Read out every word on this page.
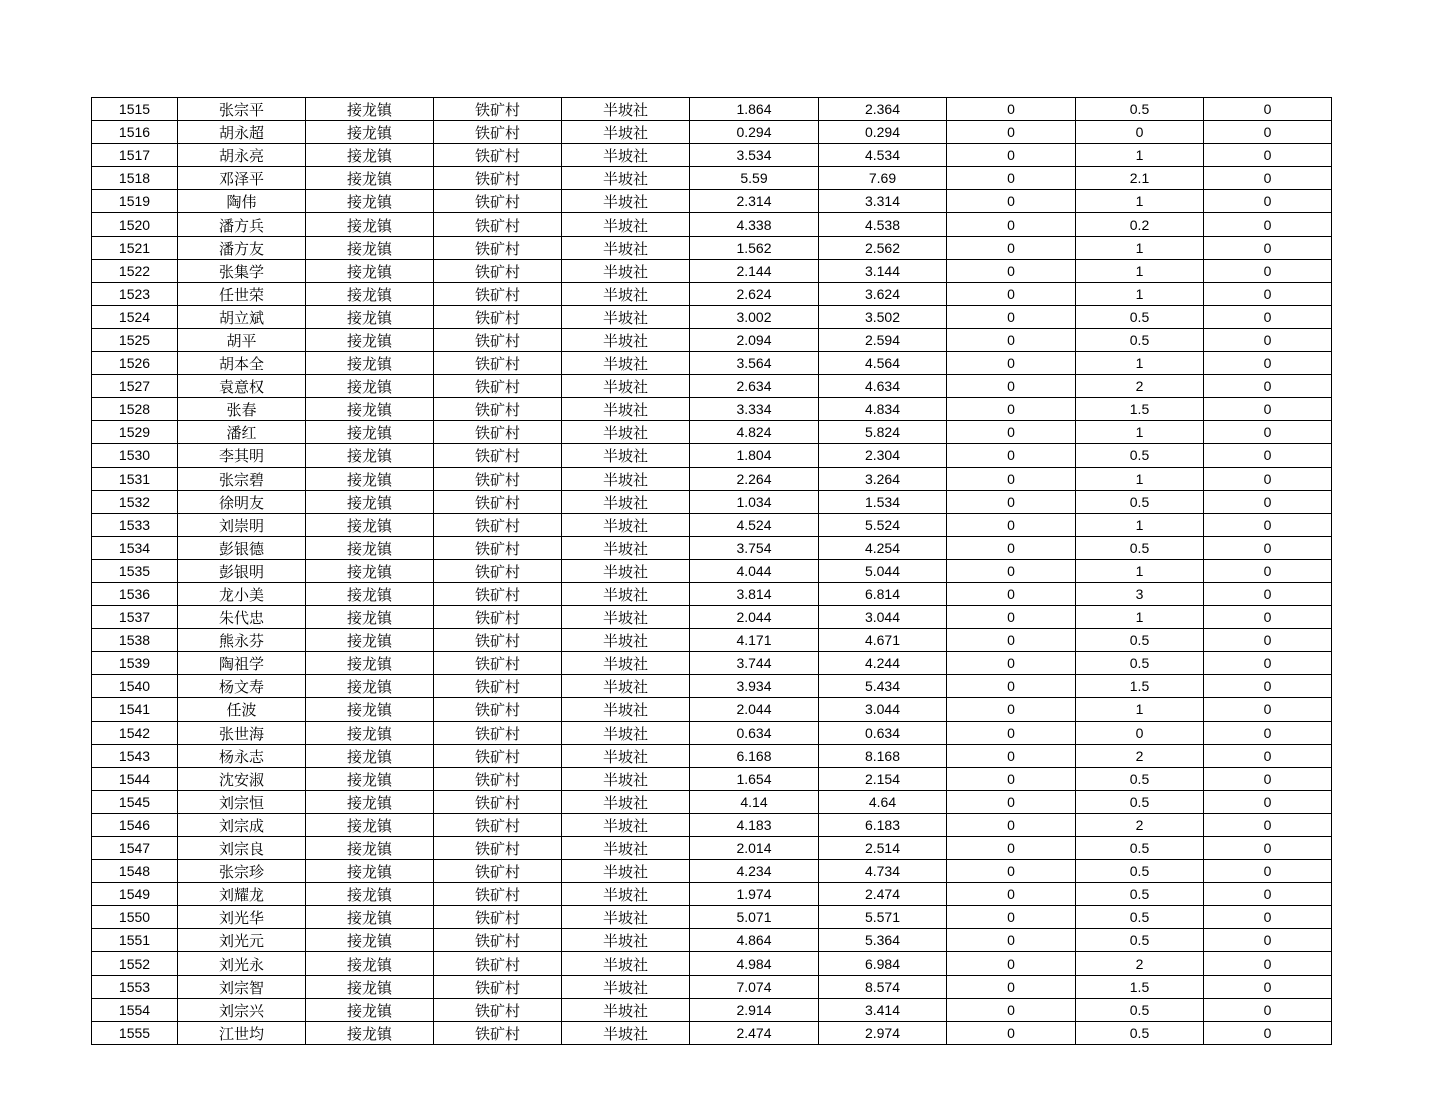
1515	张宗平	接龙镇	铁矿村	半坡社	1.864	2.364	0	0.5	0
1516	胡永超	接龙镇	铁矿村	半坡社	0.294	0.294	0	0	0
1517	胡永亮	接龙镇	铁矿村	半坡社	3.534	4.534	0	1	0
1518	邓泽平	接龙镇	铁矿村	半坡社	5.59	7.69	0	2.1	0
1519	陶伟	接龙镇	铁矿村	半坡社	2.314	3.314	0	1	0
1520	潘方兵	接龙镇	铁矿村	半坡社	4.338	4.538	0	0.2	0
1521	潘方友	接龙镇	铁矿村	半坡社	1.562	2.562	0	1	0
1522	张集学	接龙镇	铁矿村	半坡社	2.144	3.144	0	1	0
1523	任世荣	接龙镇	铁矿村	半坡社	2.624	3.624	0	1	0
1524	胡立斌	接龙镇	铁矿村	半坡社	3.002	3.502	0	0.5	0
1525	胡平	接龙镇	铁矿村	半坡社	2.094	2.594	0	0.5	0
1526	胡本全	接龙镇	铁矿村	半坡社	3.564	4.564	0	1	0
1527	袁意权	接龙镇	铁矿村	半坡社	2.634	4.634	0	2	0
1528	张春	接龙镇	铁矿村	半坡社	3.334	4.834	0	1.5	0
1529	潘红	接龙镇	铁矿村	半坡社	4.824	5.824	0	1	0
1530	李其明	接龙镇	铁矿村	半坡社	1.804	2.304	0	0.5	0
1531	张宗碧	接龙镇	铁矿村	半坡社	2.264	3.264	0	1	0
1532	徐明友	接龙镇	铁矿村	半坡社	1.034	1.534	0	0.5	0
1533	刘崇明	接龙镇	铁矿村	半坡社	4.524	5.524	0	1	0
1534	彭银德	接龙镇	铁矿村	半坡社	3.754	4.254	0	0.5	0
1535	彭银明	接龙镇	铁矿村	半坡社	4.044	5.044	0	1	0
1536	龙小美	接龙镇	铁矿村	半坡社	3.814	6.814	0	3	0
1537	朱代忠	接龙镇	铁矿村	半坡社	2.044	3.044	0	1	0
1538	熊永芬	接龙镇	铁矿村	半坡社	4.171	4.671	0	0.5	0
1539	陶祖学	接龙镇	铁矿村	半坡社	3.744	4.244	0	0.5	0
1540	杨文寿	接龙镇	铁矿村	半坡社	3.934	5.434	0	1.5	0
1541	任波	接龙镇	铁矿村	半坡社	2.044	3.044	0	1	0
1542	张世海	接龙镇	铁矿村	半坡社	0.634	0.634	0	0	0
1543	杨永志	接龙镇	铁矿村	半坡社	6.168	8.168	0	2	0
1544	沈安淑	接龙镇	铁矿村	半坡社	1.654	2.154	0	0.5	0
1545	刘宗恒	接龙镇	铁矿村	半坡社	4.14	4.64	0	0.5	0
1546	刘宗成	接龙镇	铁矿村	半坡社	4.183	6.183	0	2	0
1547	刘宗良	接龙镇	铁矿村	半坡社	2.014	2.514	0	0.5	0
1548	张宗珍	接龙镇	铁矿村	半坡社	4.234	4.734	0	0.5	0
1549	刘耀龙	接龙镇	铁矿村	半坡社	1.974	2.474	0	0.5	0
1550	刘光华	接龙镇	铁矿村	半坡社	5.071	5.571	0	0.5	0
1551	刘光元	接龙镇	铁矿村	半坡社	4.864	5.364	0	0.5	0
1552	刘光永	接龙镇	铁矿村	半坡社	4.984	6.984	0	2	0
1553	刘宗智	接龙镇	铁矿村	半坡社	7.074	8.574	0	1.5	0
1554	刘宗兴	接龙镇	铁矿村	半坡社	2.914	3.414	0	0.5	0
1555	江世均	接龙镇	铁矿村	半坡社	2.474	2.974	0	0.5	0
